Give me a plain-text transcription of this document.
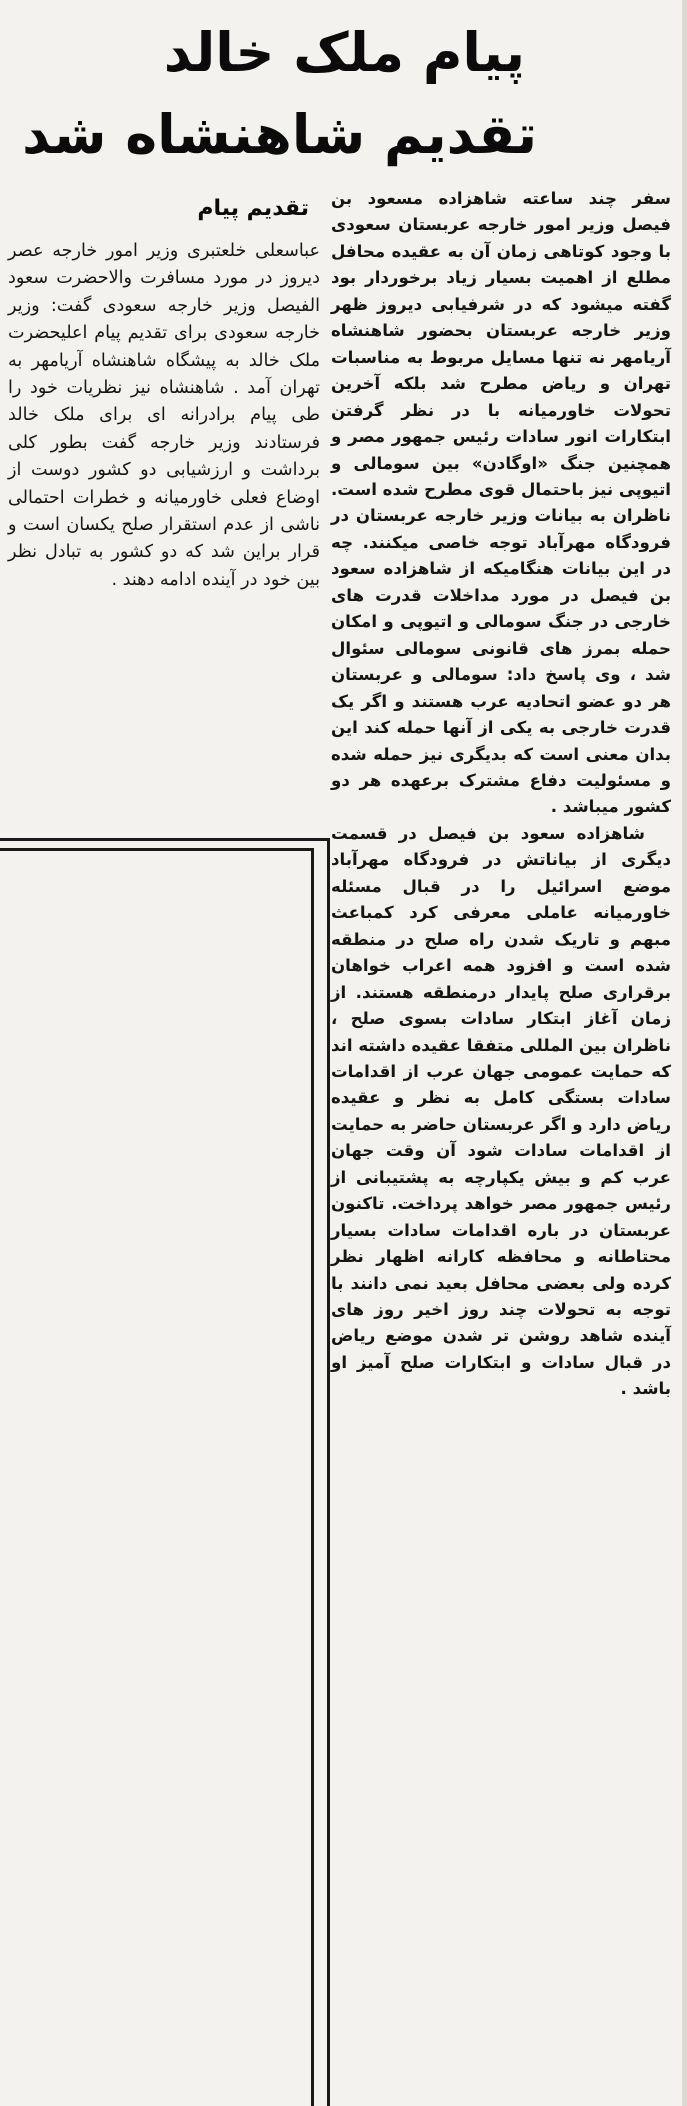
پیام ملک خالد
تقدیم شاهنشاه شد

سفر چند ساعته شاهزاده مسعود بن فیصل وزیر امور خارجه عربستان سعودی با وجود کوتاهی زمان آن به عقیده محافل مطلع از اهمیت بسیار زیاد برخوردار بود گفته میشود که در شرفیابی دیروز ظهر وزیر خارجه عربستان بحضور شاهنشاه آریامهر نه تنها مسایل مربوط به مناسبات تهران و ریاض مطرح شد بلکه آخرین تحولات خاورمیانه با در نظر گرفتن ابتکارات انور سادات رئیس جمهور مصر و همچنین جنگ «اوگادن» بین سومالی و اتیوپی نیز باحتمال قوی مطرح شده است. ناظران به بیانات وزیر خارجه عربستان در فرودگاه مهرآباد توجه خاصی میکنند. چه در این بیانات هنگامیکه از شاهزاده سعود بن فیصل در مورد مداخلات قدرت های خارجی در جنگ سومالی و اتیوپی و امکان حمله بمرز های قانونی سومالی سئوال شد ، وی پاسخ داد: سومالی و عربستان هر دو عضو اتحادیه عرب هستند و اگر یک قدرت خارجی به یکی از آنها حمله کند این بدان معنی است که بدیگری نیز حمله شده و مسئولیت دفاع مشترک برعهده هر دو کشور میباشد .

شاهزاده سعود بن فیصل در قسمت دیگری از بیاناتش در فرودگاه مهرآباد موضع اسرائیل را در قبال مسئله خاورمیانه عاملی معرفی کرد کمباعث مبهم و تاریک شدن راه صلح در منطقه شده است و افزود همه اعراب خواهان برقراری صلح پایدار درمنطقه هستند. از زمان آغاز ابتکار سادات بسوی صلح ، ناظران بین المللی متفقا عقیده داشته اند که حمایت عمومی جهان عرب از اقدامات سادات بستگی کامل به نظر و عقیده ریاض دارد و اگر عربستان حاضر به حمایت از اقدامات سادات شود آن وقت جهان عرب کم و بیش یکپارچه به پشتیبانی از رئیس جمهور مصر خواهد پرداخت. تاکنون عربستان در باره اقدامات سادات بسیار محتاطانه و محافظه کارانه اظهار نظر کرده ولی بعضی محافل بعید نمی دانند با توجه به تحولات چند روز اخیر روز های آینده شاهد روشن تر شدن موضع ریاض در قبال سادات و ابتکارات صلح آمیز او باشد .

تقدیم پیام

عباسعلی خلعتبری وزیر امور خارجه عصر دیروز در مورد مسافرت والاحضرت سعود الفیصل وزیر خارجه سعودی گفت: وزیر خارجه سعودی برای تقدیم پیام اعلیحضرت ملک خالد به پیشگاه شاهنشاه آریامهر به تهران آمد . شاهنشاه نیز نظریات خود را طی پیام برادرانه ای برای ملک خالد فرستادند وزیر خارجه گفت بطور کلی برداشت و ارزشیابی دو کشور دوست از اوضاع فعلی خاورمیانه و خطرات احتمالی ناشی از عدم استقرار صلح یکسان است و قرار براین شد که دو کشور به تبادل نظر بین خود در آینده ادامه دهند .
